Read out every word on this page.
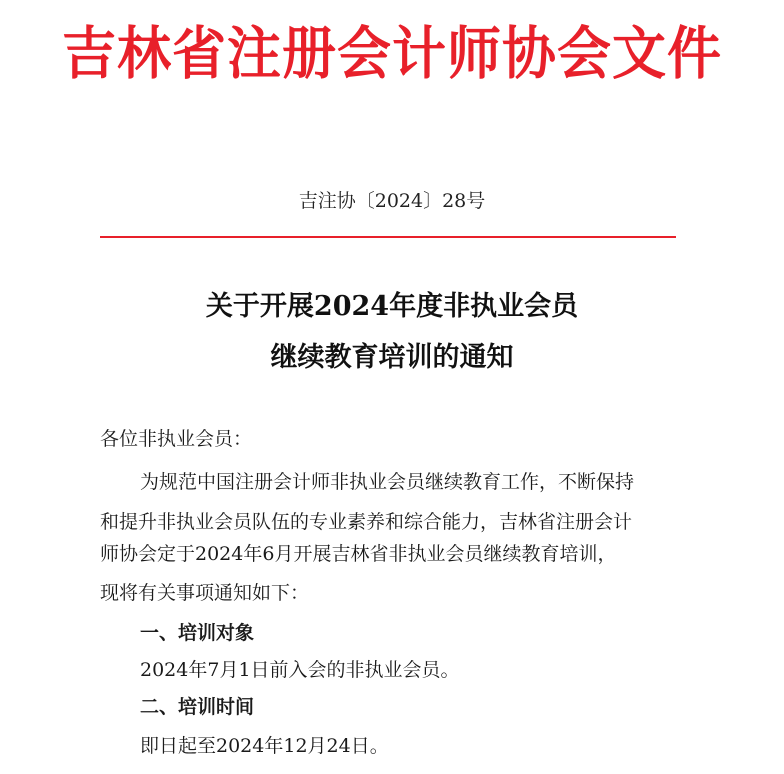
吉林省注册会计师协会文件
吉注协〔2024〕28号
关于开展2024年度非执业会员
继续教育培训的通知
各位非执业会员：
为规范中国注册会计师非执业会员继续教育工作，不断保持
和提升非执业会员队伍的专业素养和综合能力，吉林省注册会计
师协会定于2024年6月开展吉林省非执业会员继续教育培训，
现将有关事项通知如下：
一、培训对象
2024年7月1日前入会的非执业会员。
二、培训时间
即日起至2024年12月24日。
